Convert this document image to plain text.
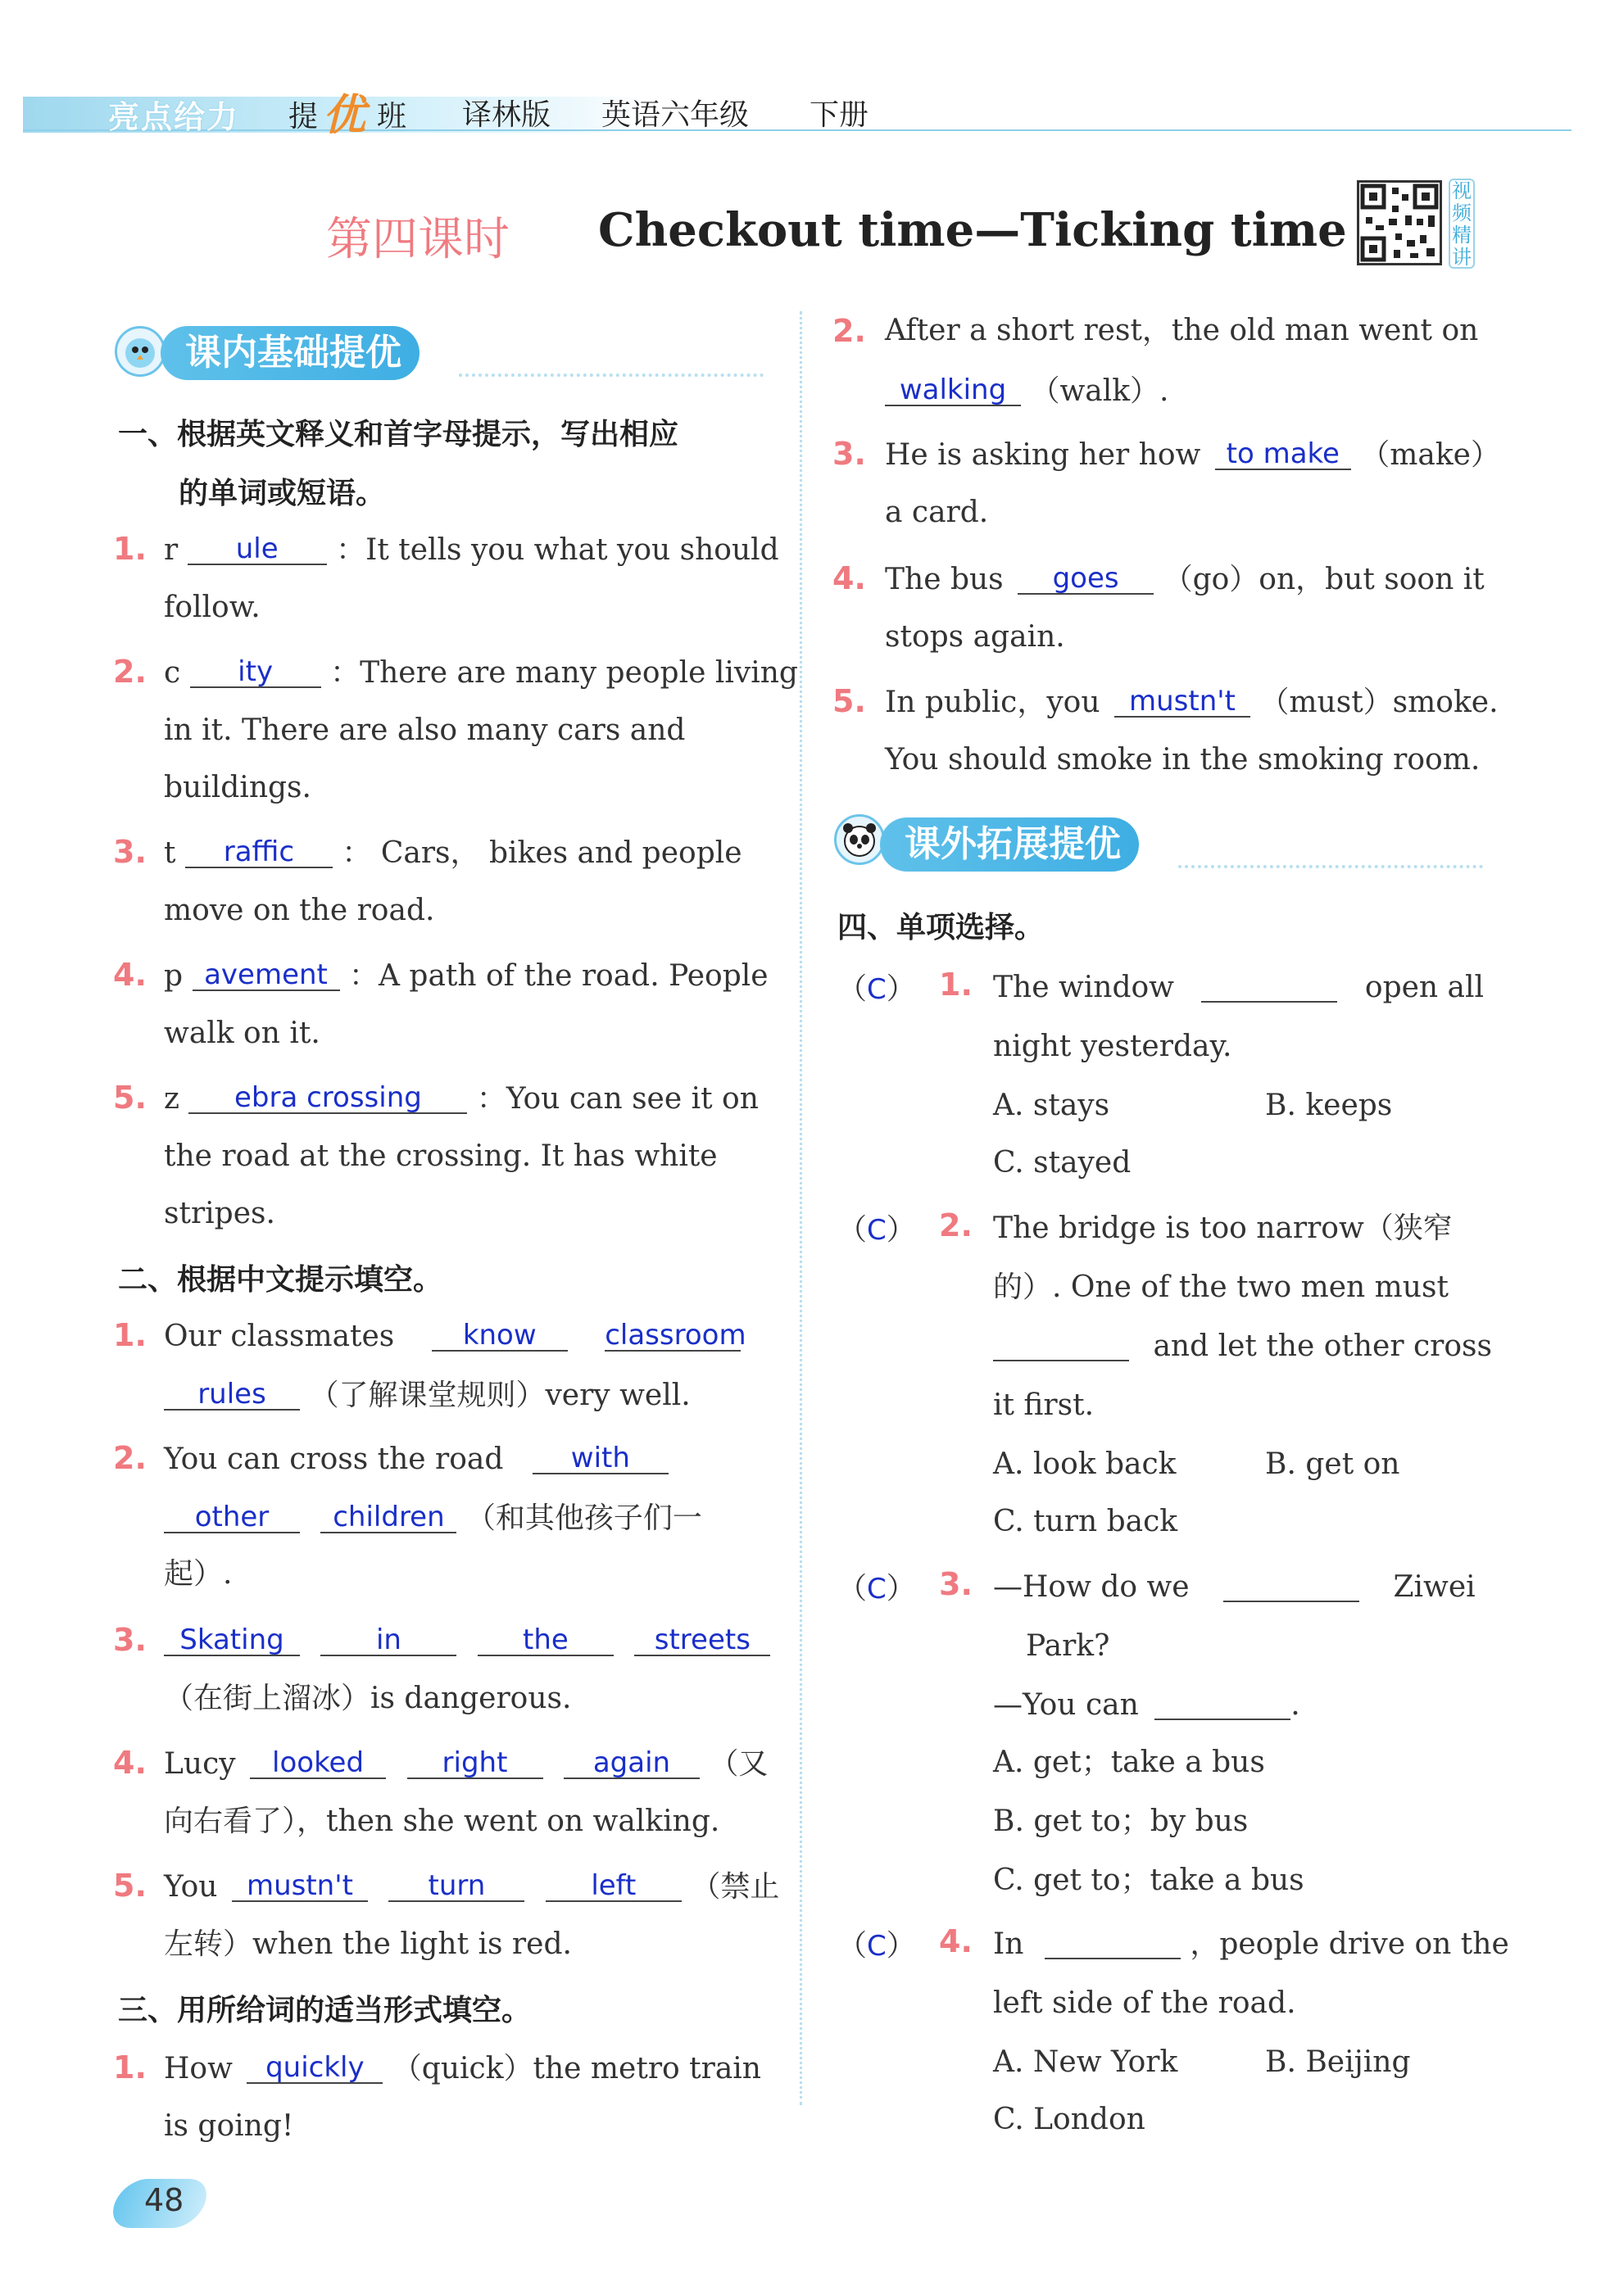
亮点给力 提 优 班 译林版 英语六年级 下册
第四课时 Checkout time—Ticking time
视
频
精
讲
课内基础提优
一、根据英文释义和首字母提示，写出相应
的单词或短语。
1. r ule ：It tells you what you should
follow.
2. c ity ：There are many people living
in it. There are also many cars and
buildings.
3. t raffic ： Cars， bikes and people
move on the road.
4. p avement ：A path of the road. People
walk on it.
5. z ebra crossing ：You can see it on
the road at the crossing. It has white
stripes.
二、根据中文提示填空。
1. Our classmates know classroom
rules （了解课堂规则）very well.
2. You can cross the road with
other children （和其他孩子们一
起）.
3.	Skating	in	the	streets
（在街上溜冰）is dangerous.
4. Lucy looked	right	again （又
向右看了），then she went on walking.
5. You mustn't	turn	left （禁止
左转）when the light is red.
三、用所给词的适当形式填空。
1. How quickly （quick）the metro train
is going!
2. After a short rest，the old man went on
walking （walk）.
3. He is asking her how to make （make）
a card.
4. The bus goes （go）on，but soon it
stops again.
5. In public，you mustn't （must）smoke.
You should smoke in the smoking room.
课外拓展提优
四、单项选择。
（C） 1. The window	open all
night yesterday.
A. stays	B. keeps
C. stayed
（C） 2. The bridge is too narrow（狭窄
的）. One of the two men must
and let the other cross
it first.
A. look back	B. get on
C. turn back
（C） 3. —How do we	Ziwei
Park?
—You can	.
A. get；take a bus
B. get to；by bus
C. get to；take a bus
（C） 4. In	，people drive on the
left side of the road.
A. New York	B. Beijing
C. London
48
